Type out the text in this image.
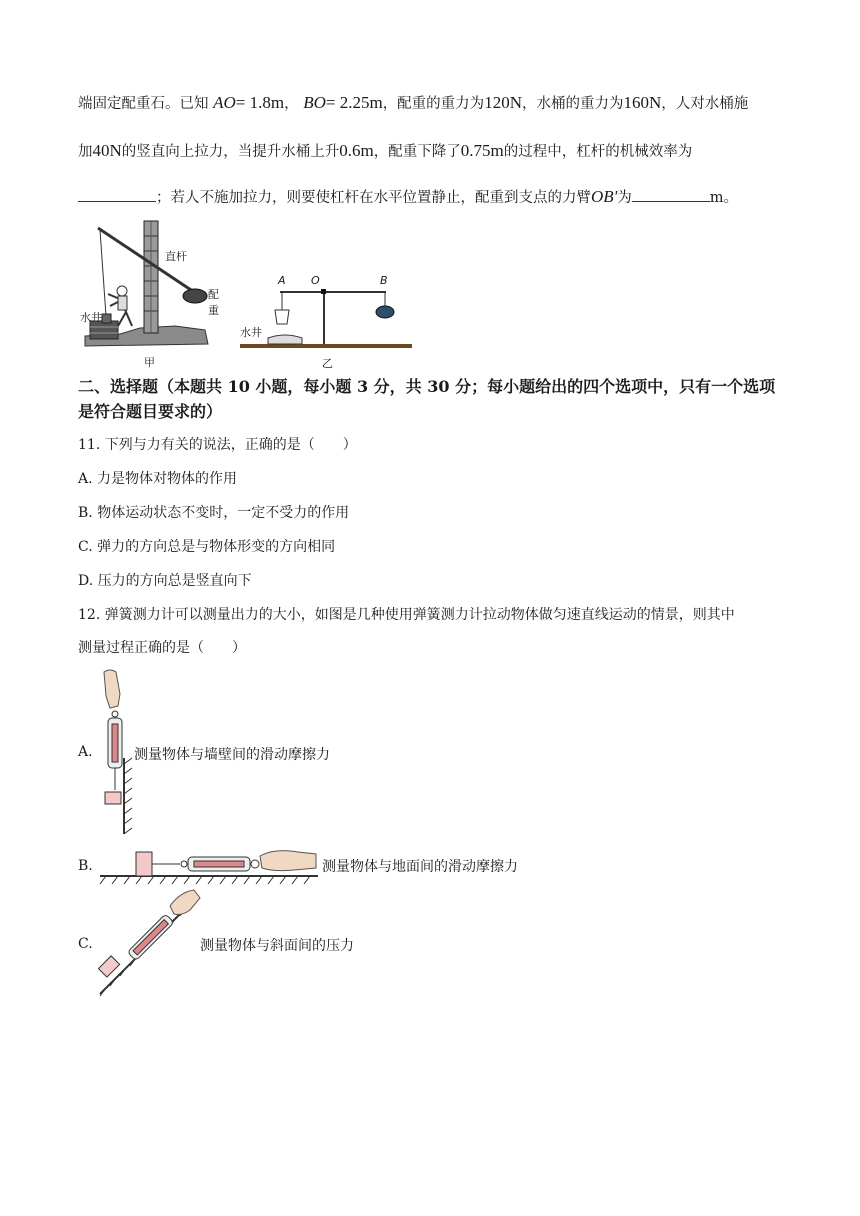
端固定配重石。已知 AO= 1.8m， BO= 2.25m，配重的重力为120N，水桶的重力为160N，人对水桶施
加40N的竖直向上拉力，当提升水桶上升0.6m，配重下降了0.75m的过程中，杠杆的机械效率为
；若人不施加拉力，则要使杠杆在水平位置静止，配重到支点的力臂OB'为	m。
直杆
配重
水井
甲
A O	B
水井
乙
二、选择题（本题共 10 小题，每小题 3 分，共 30 分；每小题给出的四个选项中，只有一个选项是符合题目要求的）
11. 下列与力有关的说法，正确的是（　　）
A. 力是物体对物体的作用
B. 物体运动状态不变时，一定不受力的作用
C. 弹力的方向总是与物体形变的方向相同
D. 压力的方向总是竖直向下
12. 弹簧测力计可以测量出力的大小，如图是几种使用弹簧测力计拉动物体做匀速直线运动的情景，则其中
测量过程正确的是（　　）
A.	测量物体与墙壁间的滑动摩擦力
B.	测量物体与地面间的滑动摩擦力
C.	测量物体与斜面间的压力
